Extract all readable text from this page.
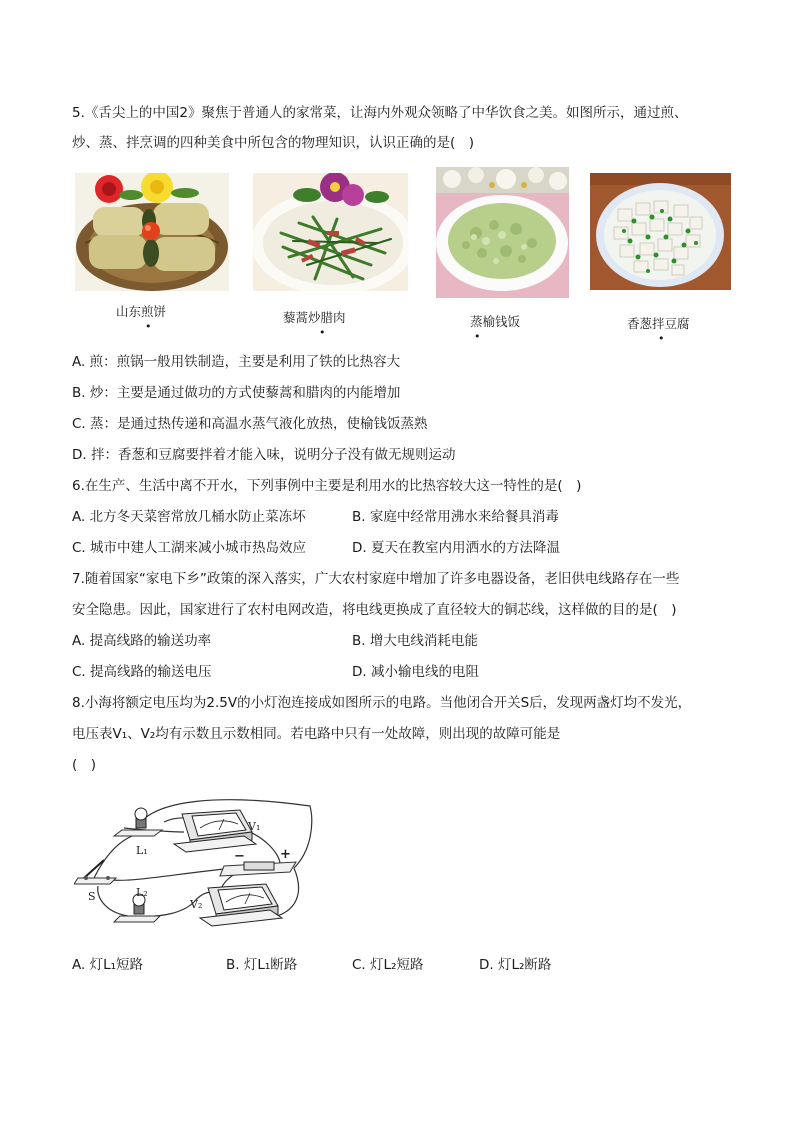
5.《舌尖上的中国2》聚焦于普通人的家常菜，让海内外观众领略了中华饮食之美。如图所示，通过煎、
炒、蒸、拌烹调的四种美食中所包含的物理知识，认识正确的是(　)
山东煎饼
•
藜蒿炒腊肉
•
蒸榆钱饭
•
香葱拌豆腐
•
A. 煎：煎锅一般用铁制造，主要是利用了铁的比热容大
B. 炒：主要是通过做功的方式使藜蒿和腊肉的内能增加
C. 蒸：是通过热传递和高温水蒸气液化放热，使榆钱饭蒸熟
D. 拌：香葱和豆腐要拌着才能入味，说明分子没有做无规则运动
6.在生产、生活中离不开水，下列事例中主要是利用水的比热容较大这一特性的是(　)
A. 北方冬天菜窖常放几桶水防止菜冻坏	B. 家庭中经常用沸水来给餐具消毒
C. 城市中建人工湖来减小城市热岛效应	D. 夏天在教室内用洒水的方法降温
7.随着国家“家电下乡”政策的深入落实，广大农村家庭中增加了许多电器设备，老旧供电线路存在一些
安全隐患。因此，国家进行了农村电网改造，将电线更换成了直径较大的铜芯线，这样做的目的是(　)
A. 提高线路的输送功率	B. 增大电线消耗电能
C. 提高线路的输送电压	D. 减小输电线的电阻
8.小海将额定电压均为2.5V的小灯泡连接成如图所示的电路。当他闭合开关S后，发现两盏灯均不发光，
电压表V₁、V₂均有示数且示数相同。若电路中只有一处故障，则出现的故障可能是
(　)
L₁
S	L₂
V₁
V₂
−	+
A. 灯L₁短路	B. 灯L₁断路	C. 灯L₂短路	D. 灯L₂断路
